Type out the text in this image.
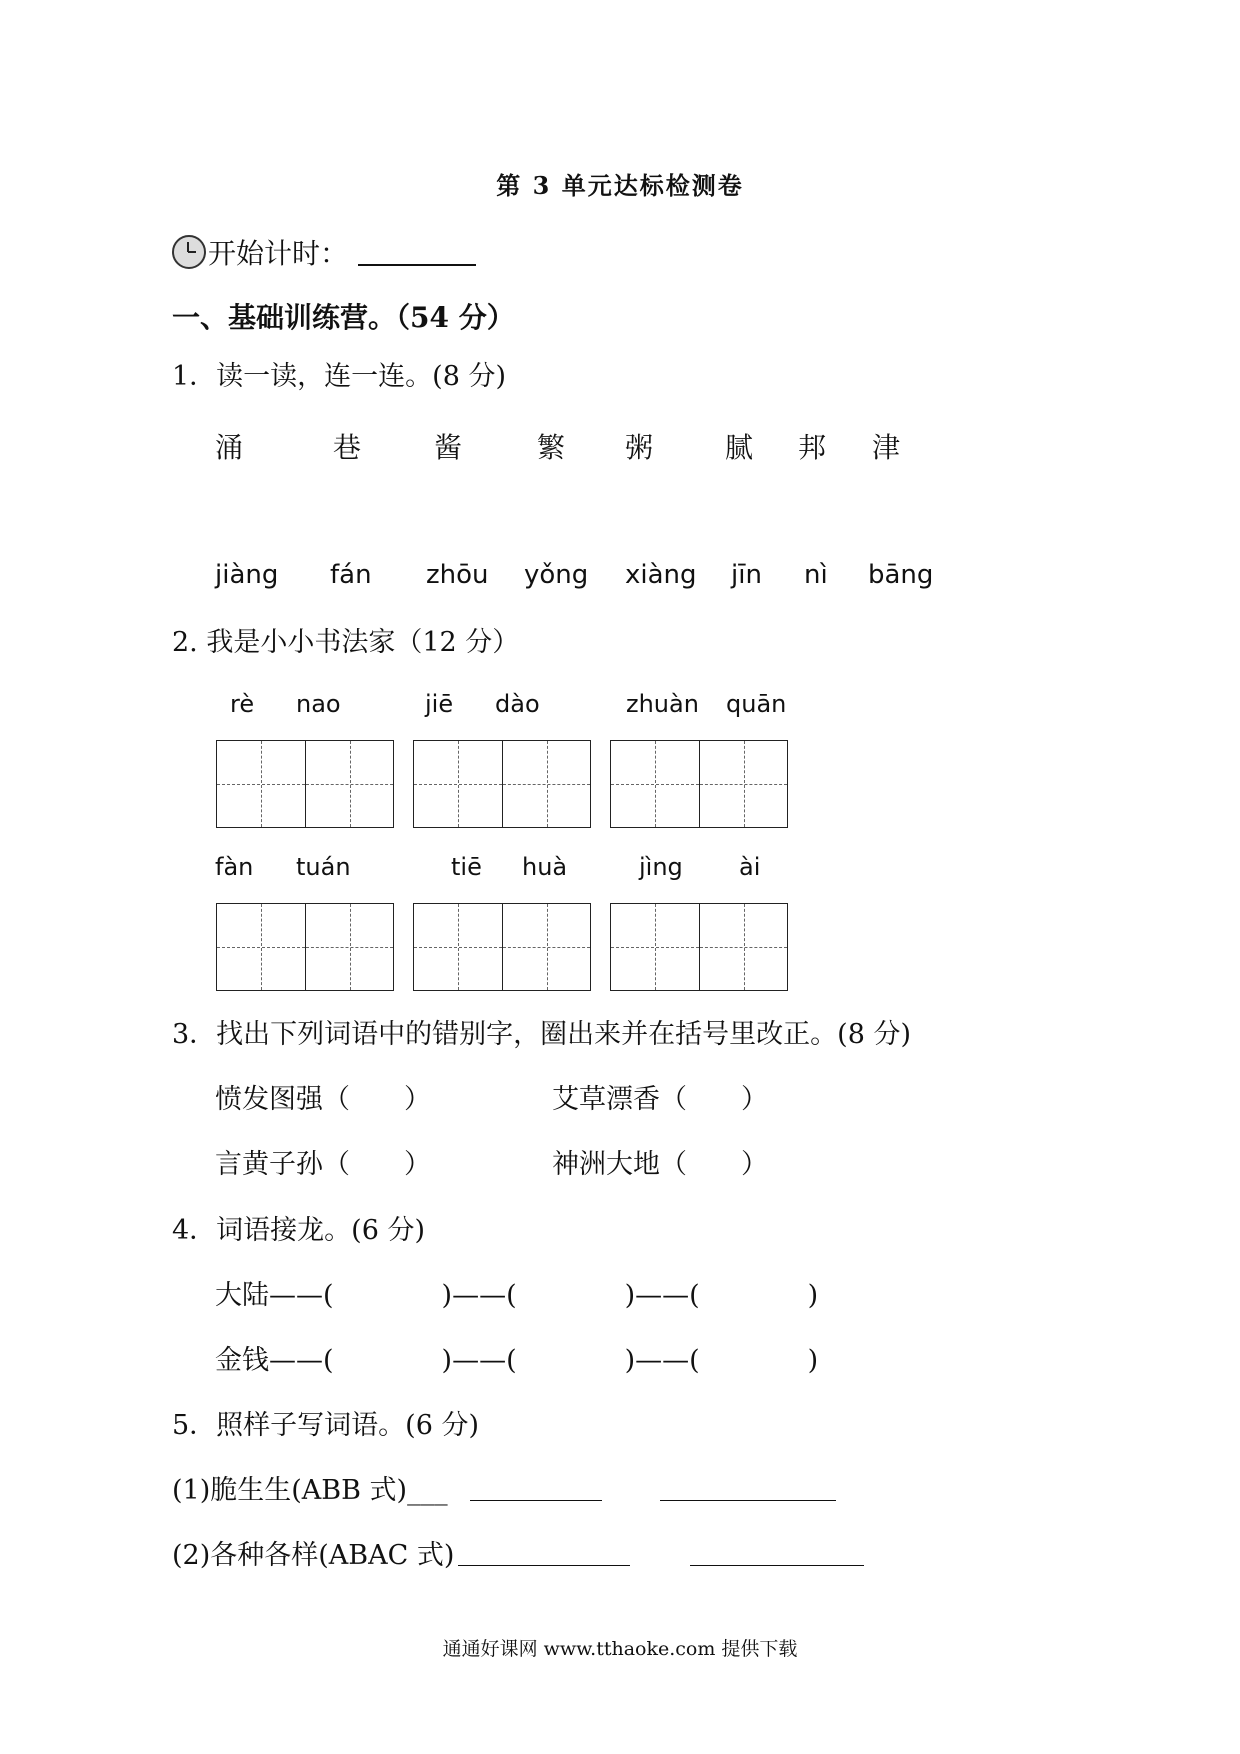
第 3 单元达标检测卷
开始计时：
一、基础训练营。（54 分）
1．读一读，连一连。(8 分)
涌	巷	酱	繁 粥	腻 邦 津
jiàng fán zhōu yǒng xiàng jīn nì bāng
2. 我是小小书法家（12 分）
rè nao	jiē dào	zhuàn quān
fàn tuán	tiē huà	jìng ài
3．找出下列词语中的错别字，圈出来并在括号里改正。(8 分)
愤发图强（　　）	艾草漂香（　　）
言黄子孙（　　）	神洲大地（　　）
4．词语接龙。(6 分)
大陆——(　　　　)——(　　　　)——(　　　　)
金钱——(　　　　)——(　　　　)——(　　　　)
5．照样子写词语。(6 分)
(1)脆生生(ABB 式)___
(2)各种各样(ABAC 式)
通通好课网 www.tthaoke.com 提供下载
